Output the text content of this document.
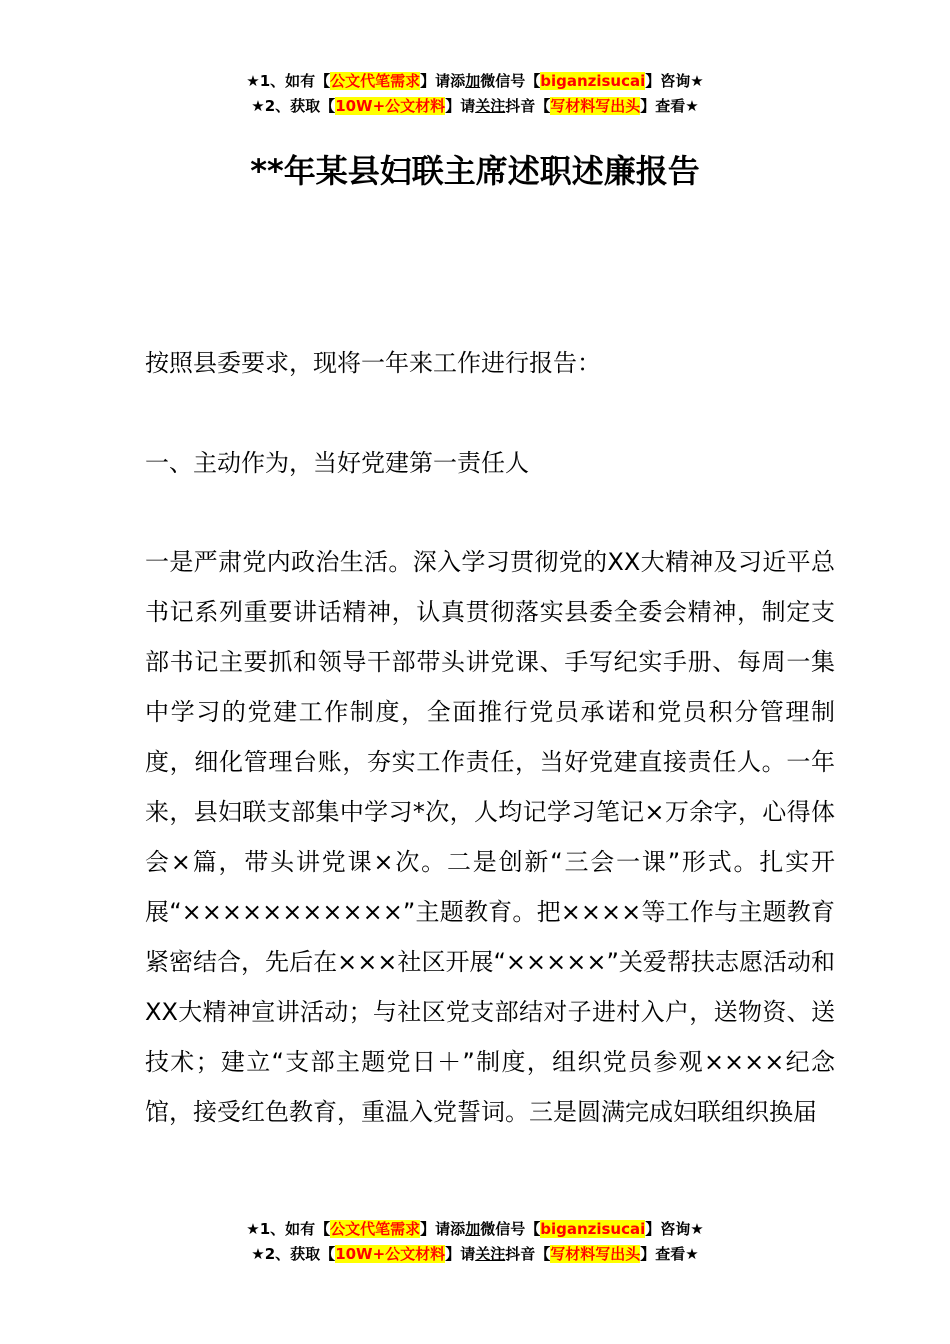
★1、如有【公文代笔需求】请添加微信号【biganzisucai】咨询★
★2、获取【10W+公文材料】请关注抖音【写材料写出头】查看★
**年某县妇联主席述职述廉报告
按照县委要求，现将一年来工作进行报告：
一、主动作为，当好党建第一责任人
一是严肃党内政治生活。深入学习贯彻党的XX大精神及习近平总书记系列重要讲话精神，认真贯彻落实县委全委会精神，制定支部书记主要抓和领导干部带头讲党课、手写纪实手册、每周一集中学习的党建工作制度，全面推行党员承诺和党员积分管理制度，细化管理台账，夯实工作责任，当好党建直接责任人。一年来，县妇联支部集中学习*次，人均记学习笔记×万余字，心得体会×篇，带头讲党课×次。二是创新“三会一课”形式。扎实开展“×××××××××××”主题教育。把××××等工作与主题教育紧密结合，先后在×××社区开展“×××××”关爱帮扶志愿活动和XX大精神宣讲活动；与社区党支部结对子进村入户，送物资、送技术；建立“支部主题党日＋”制度，组织党员参观××××纪念馆，接受红色教育，重温入党誓词。三是圆满完成妇联组织换届
★1、如有【公文代笔需求】请添加微信号【biganzisucai】咨询★
★2、获取【10W+公文材料】请关注抖音【写材料写出头】查看★
